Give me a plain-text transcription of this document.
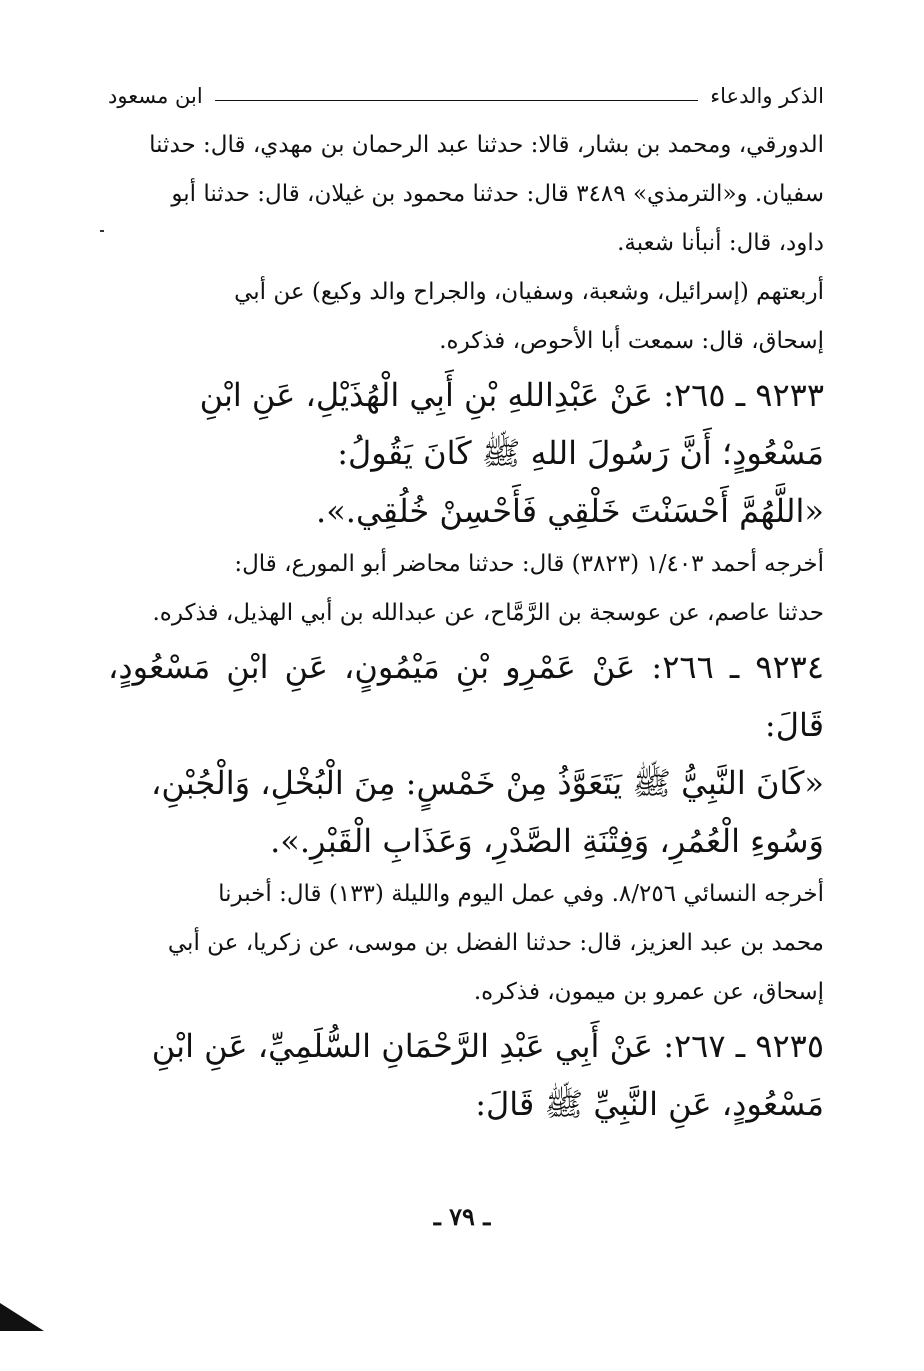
الذكر والدعاء
ابن مسعود

الدورقي، ومحمد بن بشار، قالا: حدثنا عبد الرحمان بن مهدي، قال: حدثنا
سفيان. و«الترمذي» ٣٤٨٩ قال: حدثنا محمود بن غيلان، قال: حدثنا أبو
داود، قال: أنبأنا شعبة.

أربعتهم (إسرائيل، وشعبة، وسفيان، والجراح والد وكيع) عن أبي
إسحاق، قال: سمعت أبا الأحوص، فذكره.

٩٢٣٣ ـ ٢٦٥: عَنْ عَبْدِاللهِ بْنِ أَبِي الْهُذَيْلِ، عَنِ ابْنِ
مَسْعُودٍ؛ أَنَّ رَسُولَ اللهِ ﷺ كَانَ يَقُولُ:
«اللَّهُمَّ أَحْسَنْتَ خَلْقِي فَأَحْسِنْ خُلُقِي.».

أخرجه أحمد ١/٤٠٣ (٣٨٢٣) قال: حدثنا محاضر أبو المورع، قال:
حدثنا عاصم، عن عوسجة بن الرَّمَّاح، عن عبدالله بن أبي الهذيل، فذكره.

٩٢٣٤ ـ ٢٦٦: عَنْ عَمْرِو بْنِ مَيْمُونٍ، عَنِ ابْنِ مَسْعُودٍ، قَالَ:
«كَانَ النَّبِيُّ ﷺ يَتَعَوَّذُ مِنْ خَمْسٍ: مِنَ الْبُخْلِ، وَالْجُبْنِ،
وَسُوءِ الْعُمُرِ، وَفِتْنَةِ الصَّدْرِ، وَعَذَابِ الْقَبْرِ.».

أخرجه النسائي ٨/٢٥٦. وفي عمل اليوم والليلة (١٣٣) قال: أخبرنا
محمد بن عبد العزيز، قال: حدثنا الفضل بن موسى، عن زكريا، عن أبي
إسحاق، عن عمرو بن ميمون، فذكره.

٩٢٣٥ ـ ٢٦٧: عَنْ أَبِي عَبْدِ الرَّحْمَانِ السُّلَمِيِّ، عَنِ ابْنِ
مَسْعُودٍ، عَنِ النَّبِيِّ ﷺ قَالَ:

ـ ٧٩ ـ
